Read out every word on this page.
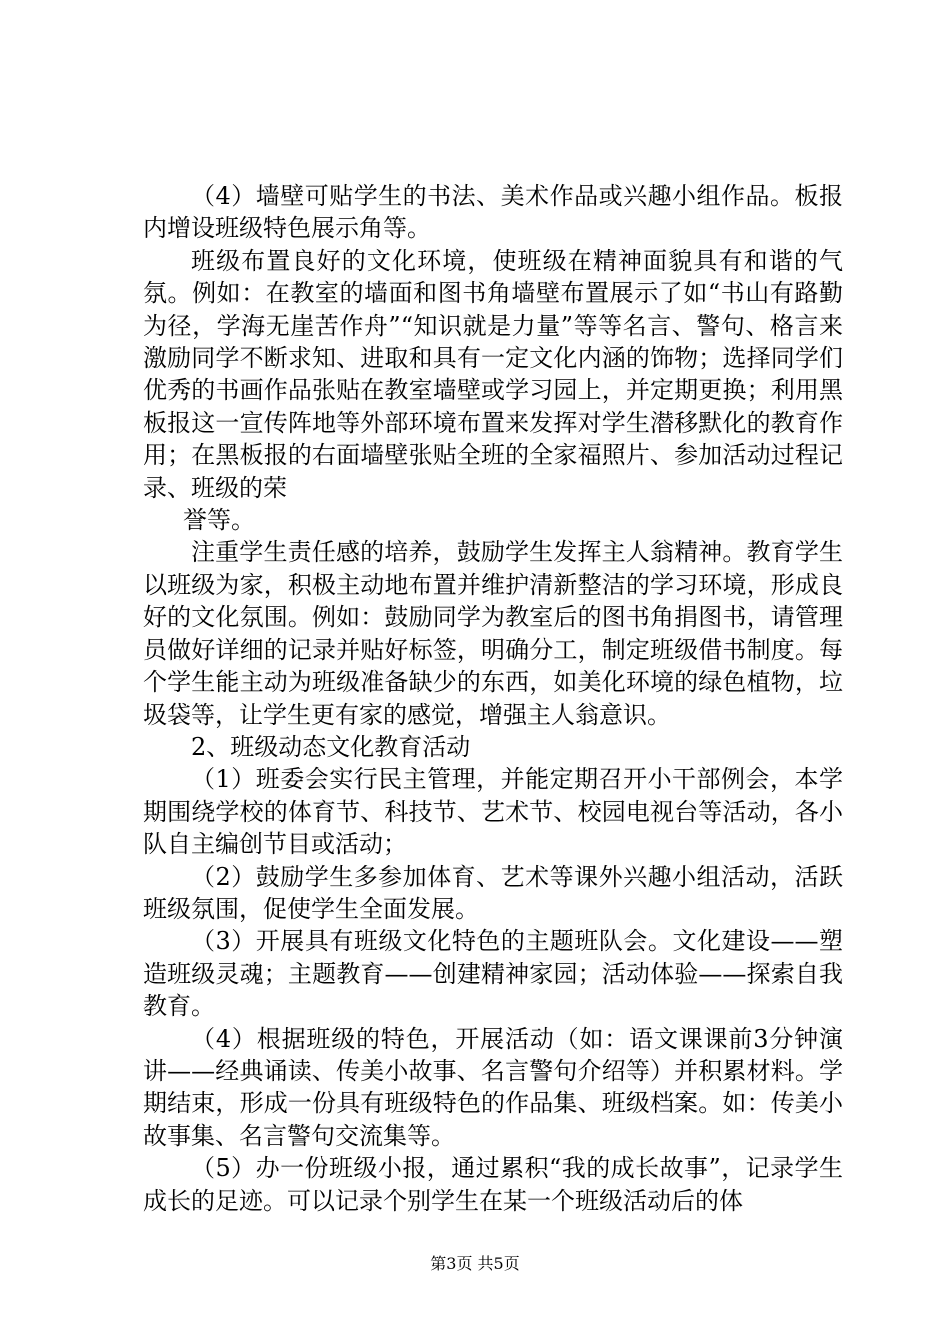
（4）墙壁可贴学生的书法、美术作品或兴趣小组作品。板报内增设班级特色展示角等。

班级布置良好的文化环境，使班级在精神面貌具有和谐的气氛。例如：在教室的墙面和图书角墙壁布置展示了如“书山有路勤为径，学海无崖苦作舟”“知识就是力量”等等名言、警句、格言来激励同学不断求知、进取和具有一定文化内涵的饰物；选择同学们优秀的书画作品张贴在教室墙壁或学习园上，并定期更换；利用黑板报这一宣传阵地等外部环境布置来发挥对学生潜移默化的教育作用；在黑板报的右面墙壁张贴全班的全家福照片、参加活动过程记录、班级的荣

誉等。

注重学生责任感的培养，鼓励学生发挥主人翁精神。教育学生以班级为家，积极主动地布置并维护清新整洁的学习环境，形成良好的文化氛围。例如：鼓励同学为教室后的图书角捐图书，请管理员做好详细的记录并贴好标签，明确分工，制定班级借书制度。每个学生能主动为班级准备缺少的东西，如美化环境的绿色植物，垃圾袋等，让学生更有家的感觉，增强主人翁意识。

2、班级动态文化教育活动

（1）班委会实行民主管理，并能定期召开小干部例会，本学期围绕学校的体育节、科技节、艺术节、校园电视台等活动，各小队自主编创节目或活动；

（2）鼓励学生多参加体育、艺术等课外兴趣小组活动，活跃班级氛围，促使学生全面发展。

（3）开展具有班级文化特色的主题班队会。文化建设——塑造班级灵魂；主题教育——创建精神家园；活动体验——探索自我教育。

（4）根据班级的特色，开展活动（如：语文课课前3分钟演讲——经典诵读、传美小故事、名言警句介绍等）并积累材料。学期结束，形成一份具有班级特色的作品集、班级档案。如：传美小故事集、名言警句交流集等。

（5）办一份班级小报，通过累积“我的成长故事”，记录学生成长的足迹。可以记录个别学生在某一个班级活动后的体

第3页 共5页
